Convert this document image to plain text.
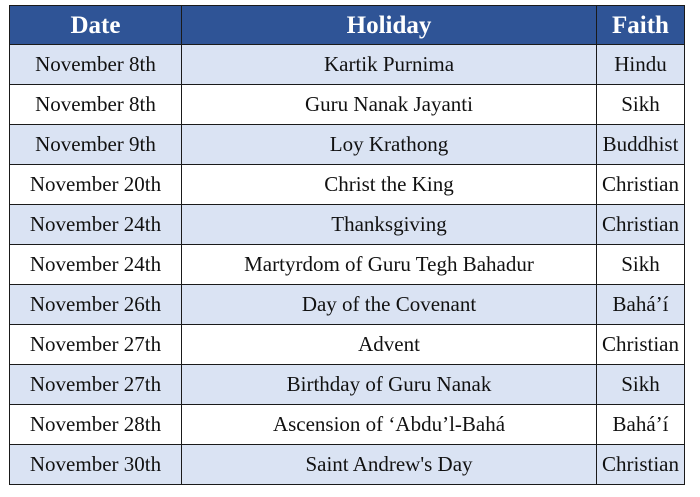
Date	Holiday	Faith
November 8th	Kartik Purnima	Hindu
November 8th	Guru Nanak Jayanti	Sikh
November 9th	Loy Krathong	Buddhist
November 20th	Christ the King	Christian
November 24th	Thanksgiving	Christian
November 24th	Martyrdom of Guru Tegh Bahadur	Sikh
November 26th	Day of the Covenant	Bahá’í
November 27th	Advent	Christian
November 27th	Birthday of Guru Nanak	Sikh
November 28th	Ascension of ‘Abdu’l-Bahá	Bahá’í
November 30th	Saint Andrew's Day	Christian
